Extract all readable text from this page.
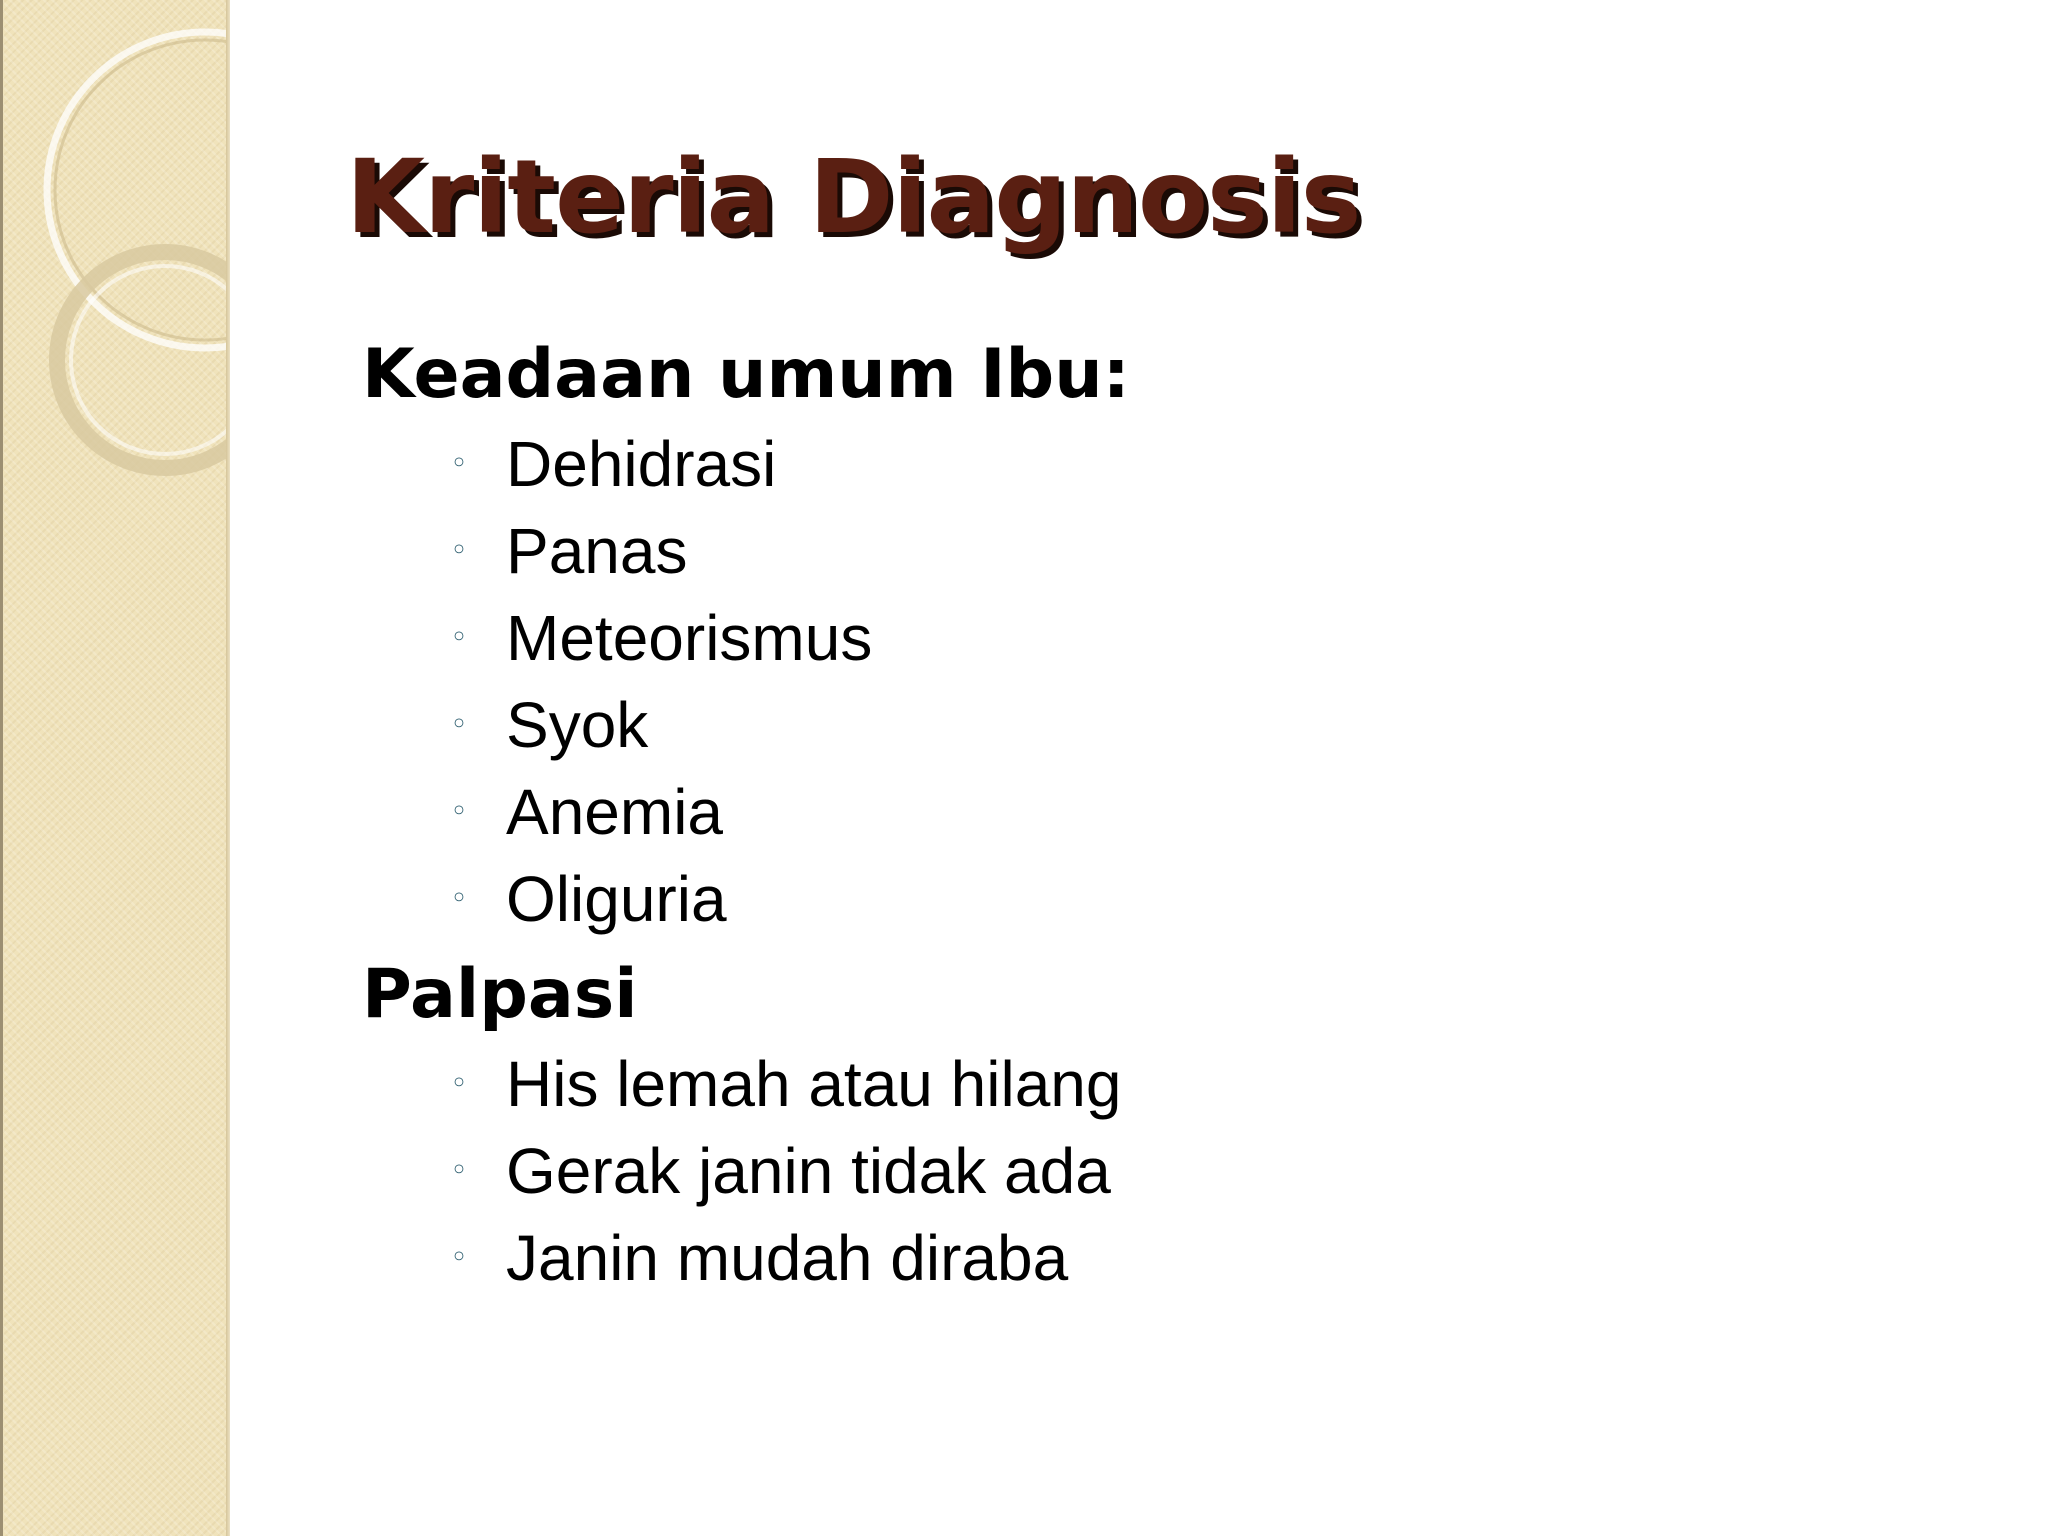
Kriteria Diagnosis

Keadaan umum Ibu:

◦ Dehidrasi
◦ Panas
◦ Meteorismus
◦ Syok
◦ Anemia
◦ Oliguria

Palpasi

◦ His lemah atau hilang
◦ Gerak janin tidak ada
◦ Janin mudah diraba
